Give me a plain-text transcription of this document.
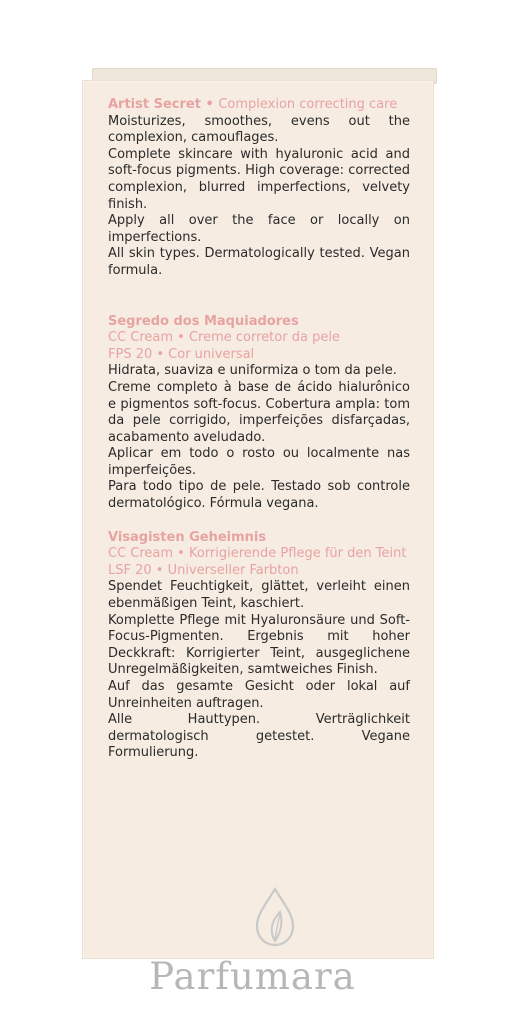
Artist Secret • Complexion correcting care

Moisturizes, smoothes, evens out the complexion, camouflages.

Complete skincare with hyaluronic acid and soft-focus pigments. High coverage: corrected complexion, blurred imperfections, velvety finish.

Apply all over the face or locally on imperfections.

All skin types. Dermatologically tested. Vegan formula.

Segredo dos Maquiadores

CC Cream • Creme corretor da pele

FPS 20 • Cor universal

Hidrata, suaviza e uniformiza o tom da pele.

Creme completo à base de ácido hialurônico e pigmentos soft-focus. Cobertura ampla: tom da pele corrigido, imperfeições disfarçadas, acabamento aveludado.

Aplicar em todo o rosto ou localmente nas imperfeições.

Para todo tipo de pele. Testado sob controle dermatológico. Fórmula vegana.

Visagisten Geheimnis

CC Cream • Korrigierende Pflege für den Teint

LSF 20 • Universeller Farbton

Spendet Feuchtigkeit, glättet, verleiht einen ebenmäßigen Teint, kaschiert.

Komplette Pflege mit Hyaluronsäure und Soft-Focus-Pigmenten. Ergebnis mit hoher Deckkraft: Korrigierter Teint, ausgeglichene Unregelmäßigkeiten, samtweiches Finish.

Auf das gesamte Gesicht oder lokal auf Unreinheiten auftragen.

Alle Hauttypen. Verträglichkeit dermatologisch getestet. Vegane Formulierung.

Parfumara
